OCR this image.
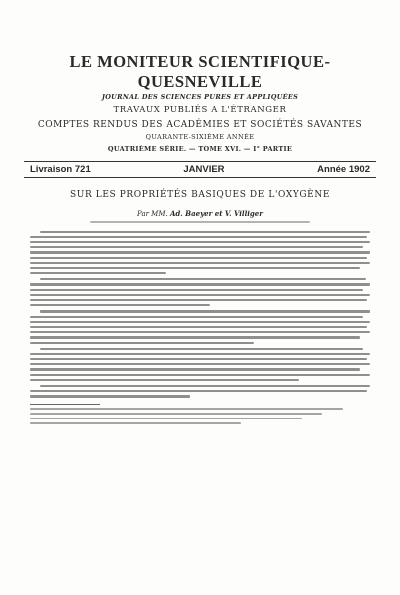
LE MONITEUR SCIENTIFIQUE-QUESNEVILLE
JOURNAL DES SCIENCES PURES ET APPLIQUÉES
TRAVAUX PUBLIÉS A L'ÉTRANGER
COMPTES RENDUS DES ACADÉMIES ET SOCIÉTÉS SAVANTES
QUARANTE-SIXIÈME ANNÉE
QUATRIÈME SÉRIE. — TOME XVI. — I° PARTIE
Livraison 721	JANVIER	Année 1902
SUR LES PROPRIÉTÉS BASIQUES DE L'OXYGÈNE
Par MM. Ad. Baeyer et V. Villiger
